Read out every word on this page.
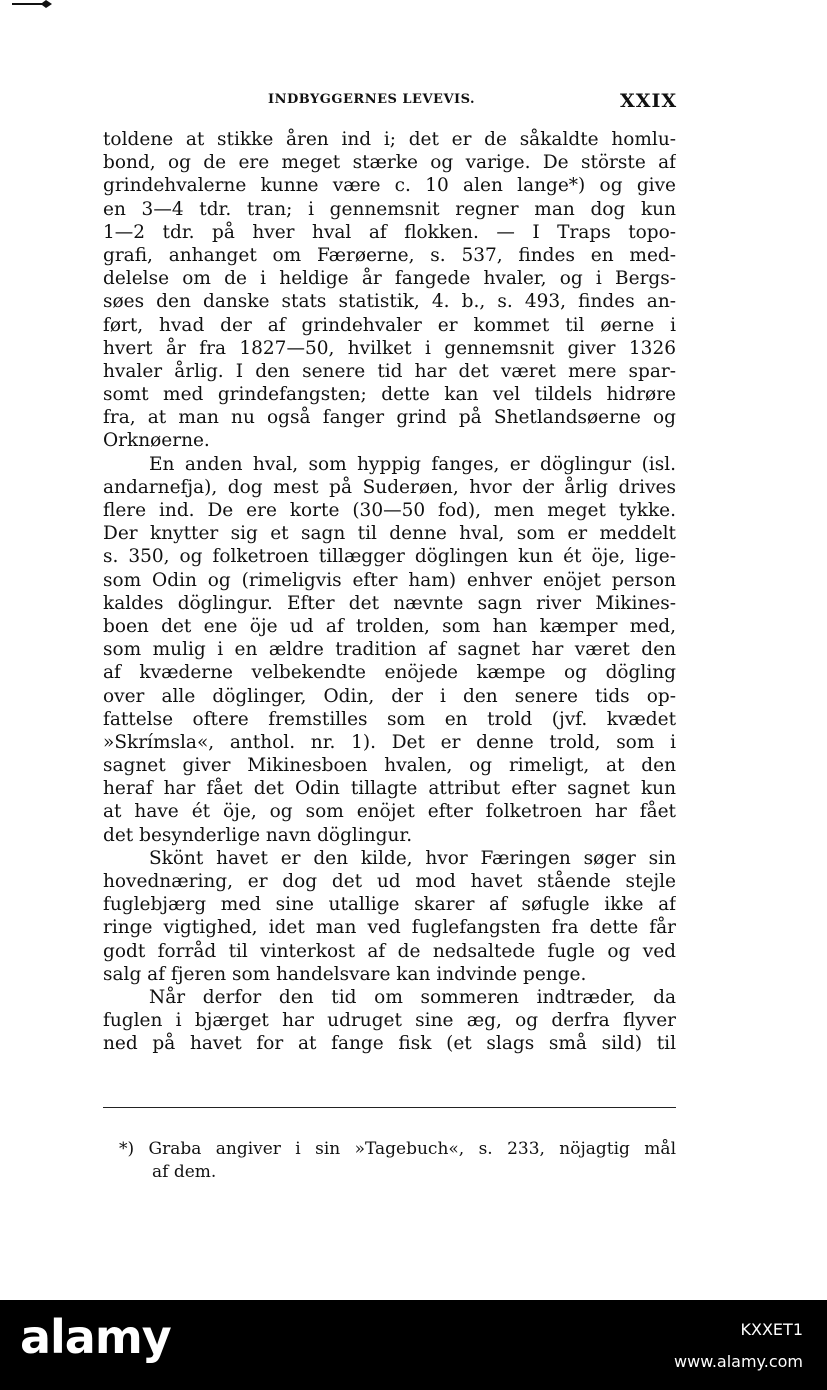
INDBYGGERNES LEVEVIS.	XXIX
toldene at stikke åren ind i; det er de såkaldte homlu-
bond, og de ere meget stærke og varige. De störste af
grindehvalerne kunne være c. 10 alen lange*) og give
en 3—4 tdr. tran; i gennemsnit regner man dog kun
1—2 tdr. på hver hval af flokken. — I Traps topo-
grafi, anhanget om Færøerne, s. 537, findes en med-
delelse om de i heldige år fangede hvaler, og i Bergs-
søes den danske stats statistik, 4. b., s. 493, findes an-
ført, hvad der af grindehvaler er kommet til øerne i
hvert år fra 1827—50, hvilket i gennemsnit giver 1326
hvaler årlig. I den senere tid har det været mere spar-
somt med grindefangsten; dette kan vel tildels hidrøre
fra, at man nu også fanger grind på Shetlandsøerne og
Orknøerne.
En anden hval, som hyppig fanges, er döglingur (isl.
andarnefja), dog mest på Suderøen, hvor der årlig drives
flere ind. De ere korte (30—50 fod), men meget tykke.
Der knytter sig et sagn til denne hval, som er meddelt
s. 350, og folketroen tillægger döglingen kun ét öje, lige-
som Odin og (rimeligvis efter ham) enhver enöjet person
kaldes döglingur. Efter det nævnte sagn river Mikines-
boen det ene öje ud af trolden, som han kæmper med,
som mulig i en ældre tradition af sagnet har været den
af kvæderne velbekendte enöjede kæmpe og dögling
over alle döglinger, Odin, der i den senere tids op-
fattelse oftere fremstilles som en trold (jvf. kvædet
»Skrímsla«, anthol. nr. 1). Det er denne trold, som i
sagnet giver Mikinesboen hvalen, og rimeligt, at den
heraf har fået det Odin tillagte attribut efter sagnet kun
at have ét öje, og som enöjet efter folketroen har fået
det besynderlige navn döglingur.
Skönt havet er den kilde, hvor Færingen søger sin
hovednæring, er dog det ud mod havet stående stejle
fuglebjærg med sine utallige skarer af søfugle ikke af
ringe vigtighed, idet man ved fuglefangsten fra dette får
godt forråd til vinterkost af de nedsaltede fugle og ved
salg af fjeren som handelsvare kan indvinde penge.
Når derfor den tid om sommeren indtræder, da
fuglen i bjærget har udruget sine æg, og derfra flyver
ned på havet for at fange fisk (et slags små sild) til
*) Graba angiver i sin »Tagebuch«, s. 233, nöjagtig mål
af dem.
alamy	KXXET1
www.alamy.com
